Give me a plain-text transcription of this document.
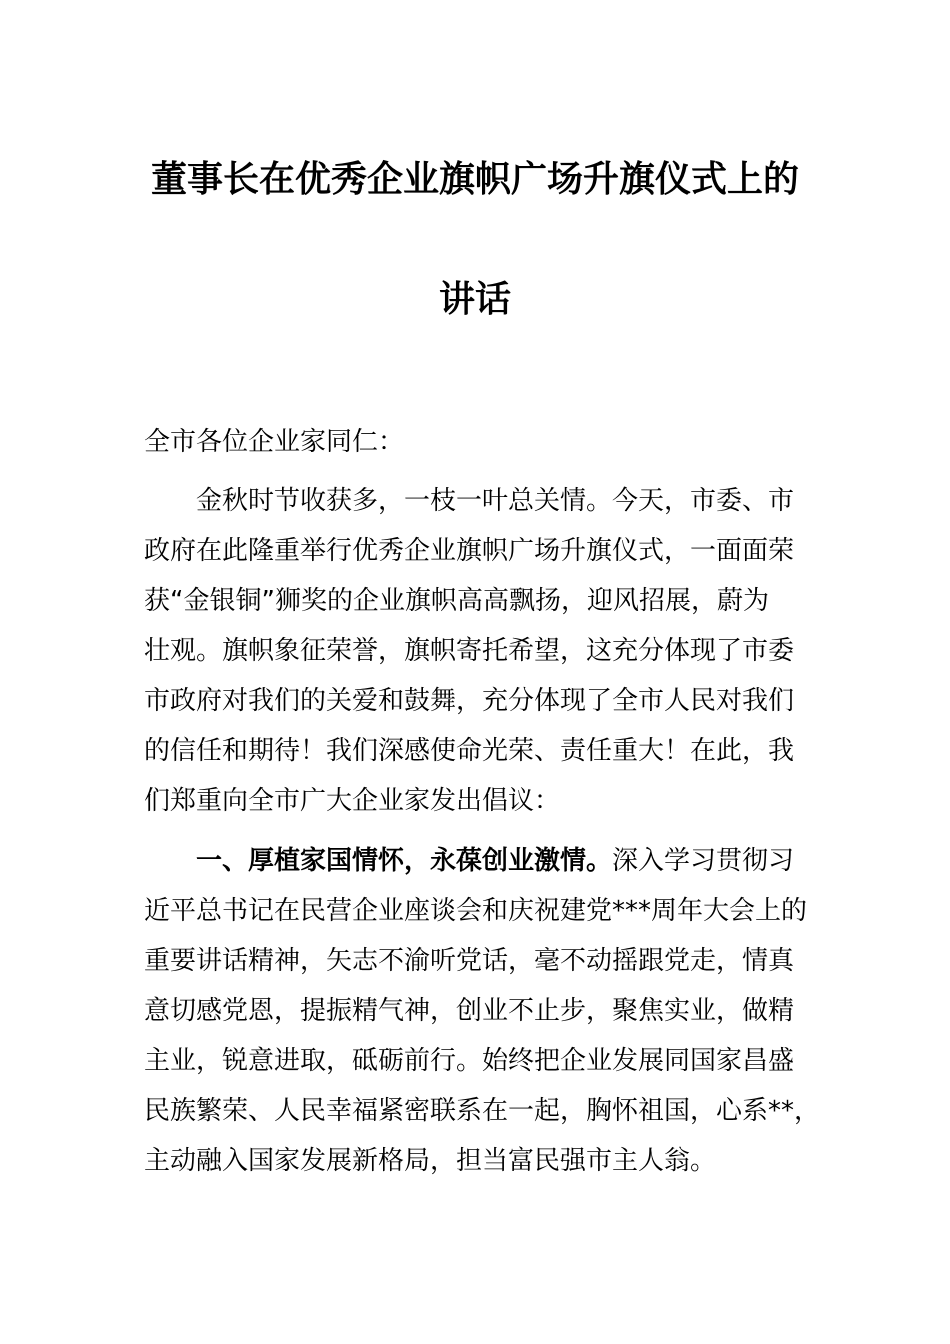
董事长在优秀企业旗帜广场升旗仪式上的
讲话
全市各位企业家同仁：
金秋时节收获多，一枝一叶总关情。今天，市委、市
政府在此隆重举行优秀企业旗帜广场升旗仪式，一面面荣
获“金银铜”狮奖的企业旗帜高高飘扬，迎风招展，蔚为
壮观。旗帜象征荣誉，旗帜寄托希望，这充分体现了市委
市政府对我们的关爱和鼓舞，充分体现了全市人民对我们
的信任和期待！我们深感使命光荣、责任重大！在此，我
们郑重向全市广大企业家发出倡议：
一、厚植家国情怀，永葆创业激情。深入学习贯彻习
近平总书记在民营企业座谈会和庆祝建党***周年大会上的
重要讲话精神，矢志不渝听党话，毫不动摇跟党走，情真
意切感党恩，提振精气神，创业不止步，聚焦实业，做精
主业，锐意进取，砥砺前行。始终把企业发展同国家昌盛
民族繁荣、人民幸福紧密联系在一起，胸怀祖国，心系**，
主动融入国家发展新格局，担当富民强市主人翁。
